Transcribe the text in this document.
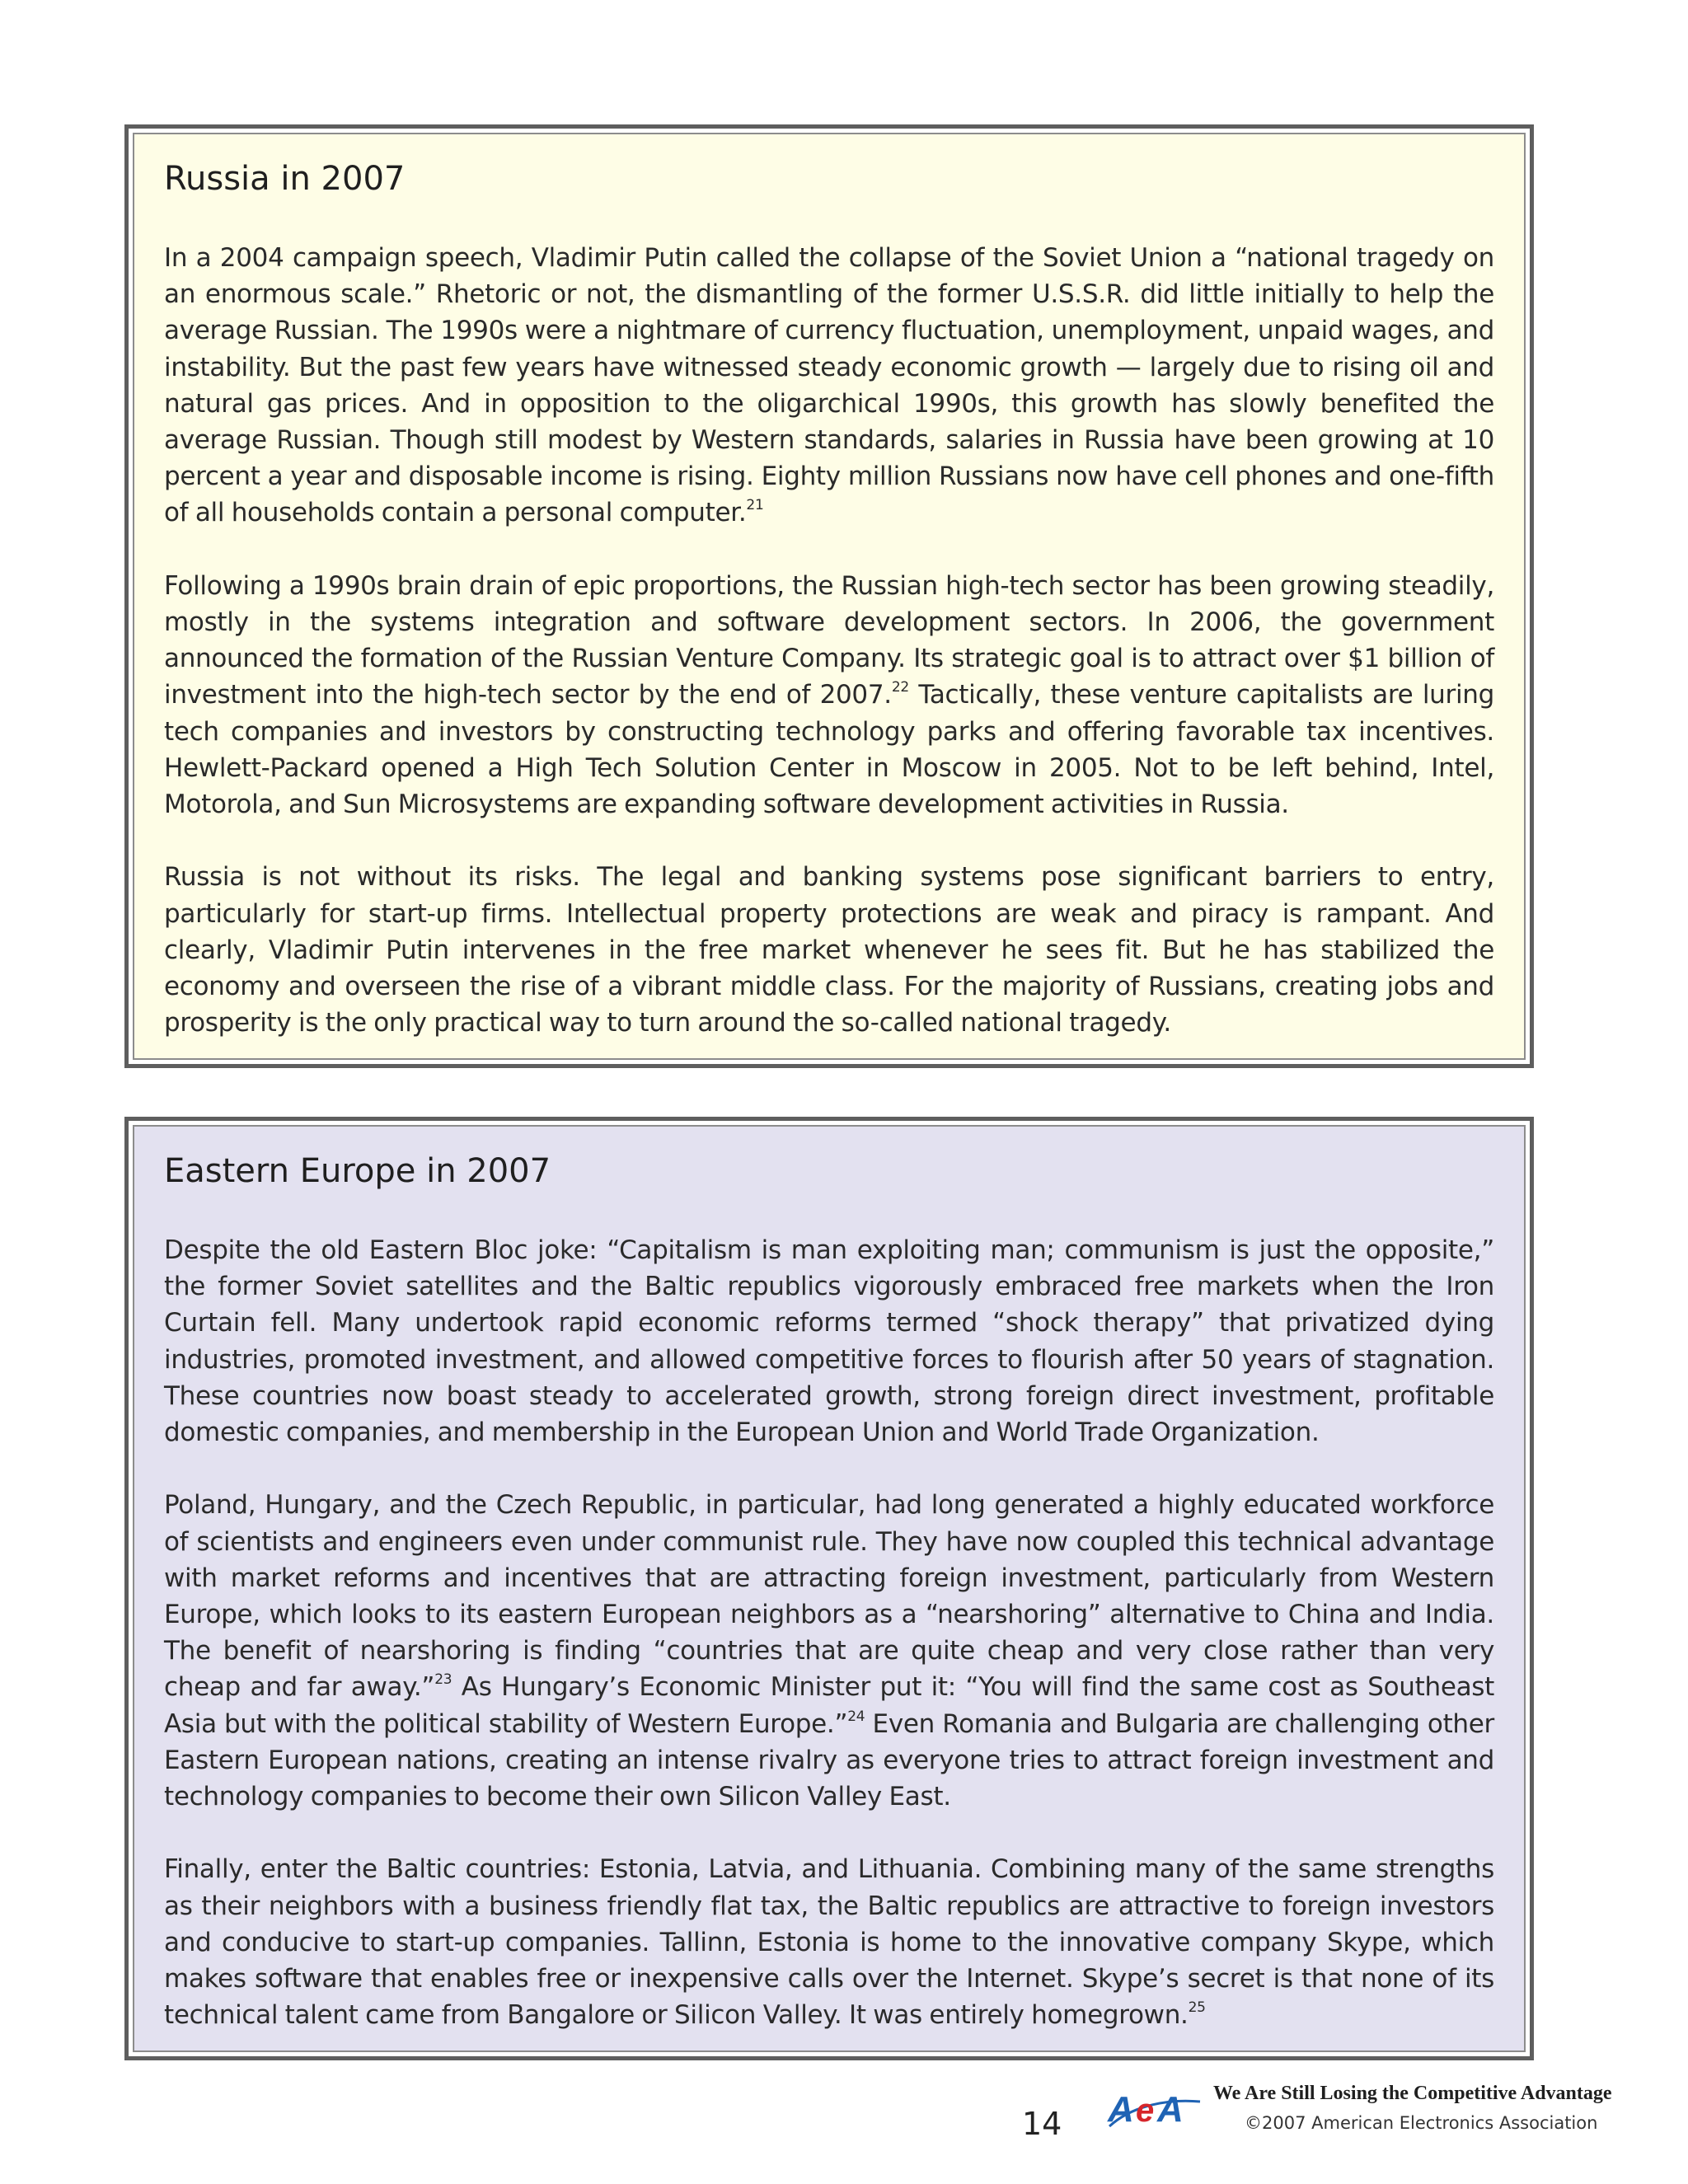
Russia in 2007

In a 2004 campaign speech, Vladimir Putin called the collapse of the Soviet Union a “national tragedy on an enormous scale.” Rhetoric or not, the dismantling of the former U.S.S.R. did little initially to help the average Russian. The 1990s were a nightmare of currency fluctuation, unemployment, unpaid wages, and instability. But the past few years have witnessed steady economic growth — largely due to rising oil and natural gas prices. And in opposition to the oligarchical 1990s, this growth has slowly benefited the average Russian. Though still modest by Western standards, salaries in Russia have been growing at 10 percent a year and disposable income is rising. Eighty million Russians now have cell phones and one-fifth of all households contain a personal computer.$^{21}$

Following a 1990s brain drain of epic proportions, the Russian high-tech sector has been growing steadily, mostly in the systems integration and software development sectors. In 2006, the government announced the formation of the Russian Venture Company. Its strategic goal is to attract over $1 billion of investment into the high-tech sector by the end of 2007.22 Tactically, these venture capitalists are luring tech companies and investors by constructing technology parks and offering favorable tax incentives. Hewlett-Packard opened a High Tech Solution Center in Moscow in 2005. Not to be left behind, Intel, Motorola, and Sun Microsystems are expanding software development activities in Russia.

Russia is not without its risks. The legal and banking systems pose significant barriers to entry, particularly for start-up firms. Intellectual property protections are weak and piracy is rampant. And clearly, Vladimir Putin intervenes in the free market whenever he sees fit. But he has stabilized the economy and overseen the rise of a vibrant middle class. For the majority of Russians, creating jobs and prosperity is the only practical way to turn around the so-called national tragedy.

Eastern Europe in 2007

Despite the old Eastern Bloc joke: “Capitalism is man exploiting man; communism is just the opposite,” the former Soviet satellites and the Baltic republics vigorously embraced free markets when the Iron Curtain fell. Many undertook rapid economic reforms termed “shock therapy” that privatized dying industries, promoted investment, and allowed competitive forces to flourish after 50 years of stagnation. These countries now boast steady to accelerated growth, strong foreign direct investment, profitable domestic companies, and membership in the European Union and World Trade Organization.

Poland, Hungary, and the Czech Republic, in particular, had long generated a highly educated workforce of scientists and engineers even under communist rule. They have now coupled this technical advantage with market reforms and incentives that are attracting foreign investment, particularly from Western Europe, which looks to its eastern European neighbors as a “nearshoring” alternative to China and India. The benefit of nearshoring is finding “countries that are quite cheap and very close rather than very cheap and far away.”$^{23}$ As Hungary’s Economic Minister put it: “You will find the same cost as Southeast Asia but with the political stability of Western Europe.”$^{24}$ Even Romania and Bulgaria are challenging other Eastern European nations, creating an intense rivalry as everyone tries to attract foreign investment and technology companies to become their own Silicon Valley East.

Finally, enter the Baltic countries: Estonia, Latvia, and Lithuania. Combining many of the same strengths as their neighbors with a business friendly flat tax, the Baltic republics are attractive to foreign investors and conducive to start-up companies. Tallinn, Estonia is home to the innovative company Skype, which makes software that enables free or inexpensive calls over the Internet. Skype’s secret is that none of its technical talent came from Bangalore or Silicon Valley. It was entirely homegrown.$^{25}$

14 A e A We Are Still Losing the Competitive Advantage
©2007 American Electronics Association
